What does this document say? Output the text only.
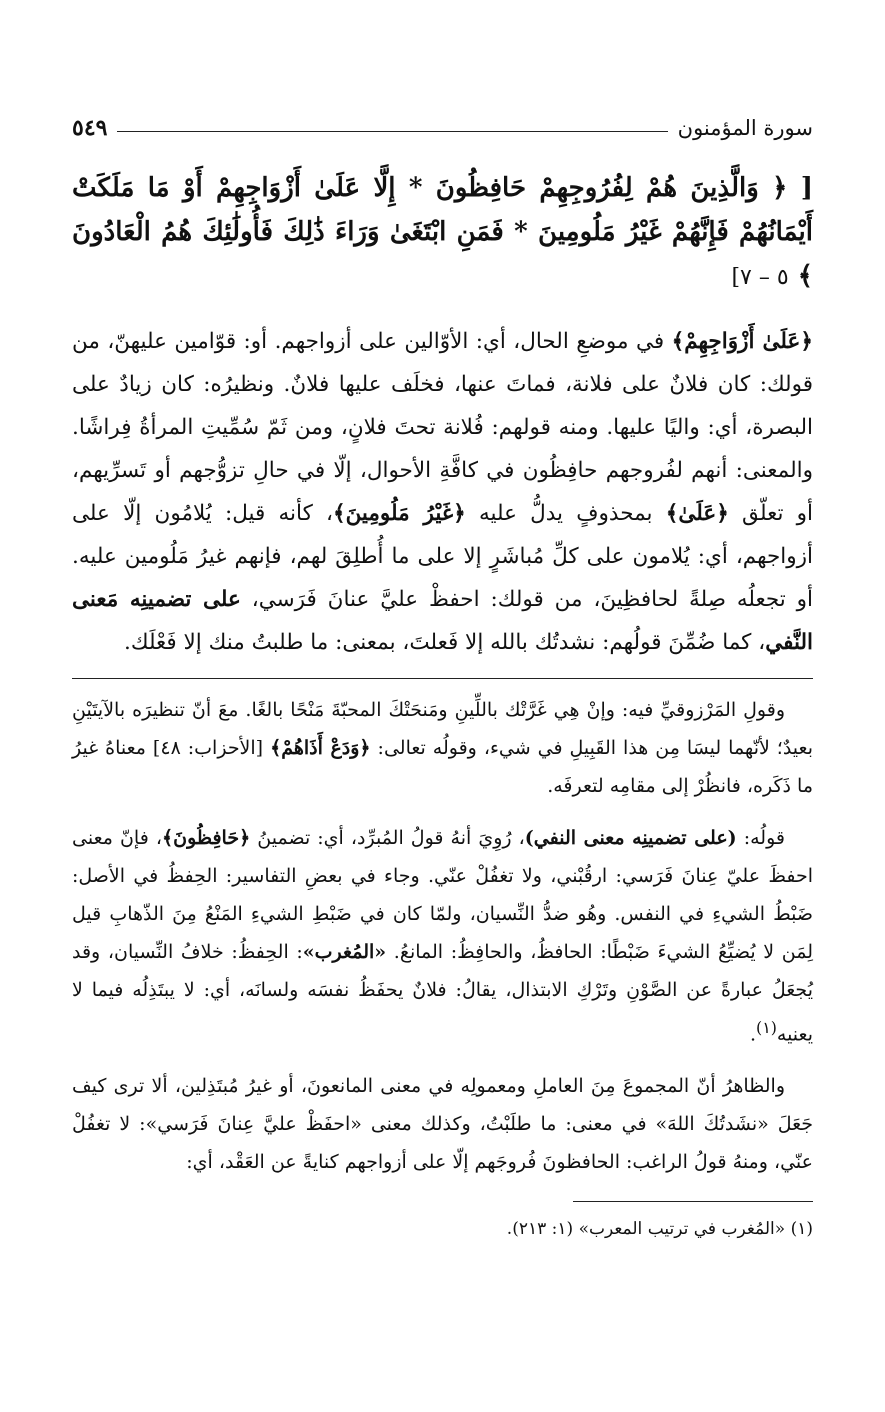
سورة المؤمنون
٥٤٩
[ ﴿ وَالَّذِينَ هُمْ لِفُرُوجِهِمْ حَافِظُونَ * إِلَّا عَلَىٰ أَزْوَاجِهِمْ أَوْ مَا مَلَكَتْ أَيْمَانُهُمْ فَإِنَّهُمْ غَيْرُ مَلُومِينَ * فَمَنِ ابْتَغَىٰ وَرَاءَ ذَٰلِكَ فَأُولَٰئِكَ هُمُ الْعَادُونَ ﴾ ٥ – ٧]
﴿عَلَىٰ أَزْوَاجِهِمْ﴾ في موضعِ الحال، أي: الأوّالين على أزواجهم. أو: قوّامين عليهنّ، من قولك: كان فلانٌ على فلانة، فماتَ عنها، فخلَف عليها فلانٌ. ونظيرُه: كان زيادٌ على البصرة، أي: واليًا عليها. ومنه قولهم: فُلانة تحتَ فلانٍ، ومن ثَمّ سُمِّيتِ المرأةُ فِراشًا. والمعنى: أنهم لفُروجهم حافِظُون في كافَّةِ الأحوال، إلّا في حالِ تزوُّجهم أو تَسرِّيهم، أو تعلّق ﴿عَلَىٰ﴾ بمحذوفٍ يدلُّ عليه ﴿غَيْرُ مَلُومِينَ﴾، كأنه قيل: يُلامُون إلّا على أزواجهم، أي: يُلامون على كلِّ مُباشَرٍ إلا على ما أُطلِقَ لهم، فإنهم غيرُ مَلُومين عليه. أو تجعلُه صِلةً لحافظِينَ، من قولك: احفظْ عليَّ عنانَ فَرَسي، على تضمينِه مَعنى النَّفي، كما ضُمِّنَ قولُهم: نشدتُك بالله إلا فَعلتَ، بمعنى: ما طلبتُ منك إلا فَعْلَك.

وقولِ المَرْزوقيِّ فيه: وإنْ هِي غَرَّتْك باللِّينِ ومَنحَتْكَ المحبّةَ مَنْحًا بالغًا. معَ أنّ تنظيرَه بالآيتَيْنِ بعيدٌ؛ لأنّهما ليسَا مِن هذا القَبِيلِ في شيء، وقولُه تعالى: ﴿وَدَعْ أَذَاهُمْ﴾ [الأحزاب: ٤٨] معناهُ غيرُ ما ذَكَره، فانظُرْ إلى مقامِه لتعرفَه.

قولُه: (على تضمينِه معنى النفي)، رُوِيَ أنهُ قولُ المُبرِّد، أي: تضمينُ ﴿حَافِظُونَ﴾، فإنّ معنى احفظَ عليّ عِنانَ فَرَسي: ارقُبْني، ولا تغفُلْ عنّي. وجاء في بعضِ التفاسير: الحِفظُ في الأصل: ضَبْطُ الشيءِ في النفس. وهُو ضدُّ النِّسيان، ولمّا كان في ضَبْطِ الشيءِ المَنْعُ مِنَ الذّهابِ قيل لِمَن لا يُضيِّعُ الشيءَ ضَبْطًا: الحافظُ، والحافِظُ: المانعُ. «المُغرب»: الحِفظُ: خلافُ النِّسيان، وقد يُجعَلُ عبارةً عن الصَّوْنِ وتَرْكِ الابتذال، يقالُ: فلانٌ يحفَظُ نفسَه ولسانَه، أي: لا يبتَذِلُه فيما لا يعنيه$^{(١)}$.

والظاهرُ أنّ المجموعَ مِنَ العاملِ ومعمولِه في معنى المانعونَ، أو غيرُ مُبتَذِلين، ألا ترى كيف جَعَلَ «نشَدتُكَ اللهَ» في معنى: ما طلَبْتُ، وكذلك معنى «احفَظْ عليَّ عِنانَ فَرَسي»: لا تغفُلْ عنّي، ومنهُ قولُ الراغب: الحافظونَ فُروجَهم إلّا على أزواجهم كنايةً عن العَقْد، أي:

(١) «المُغرب في ترتيب المعرب» (١: ٢١٣).
